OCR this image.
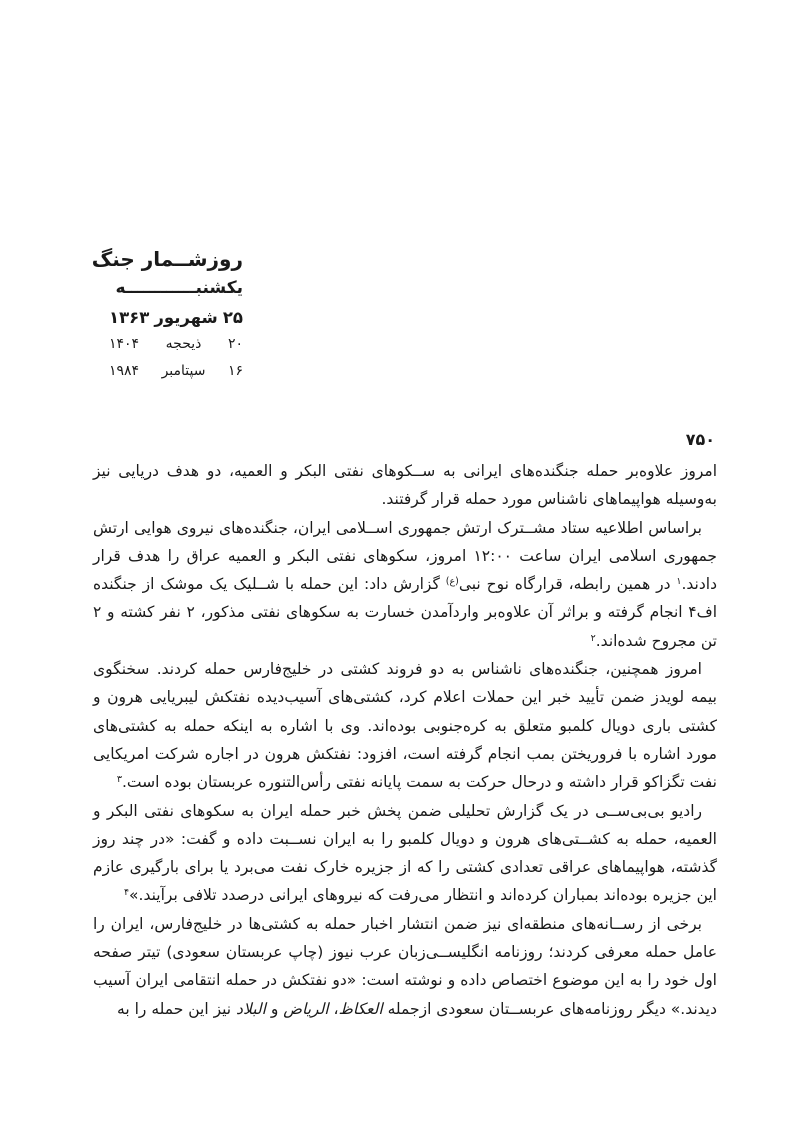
روزشــمار جنگ
یکشنبــــــــــــه
۲۵
شهریور
۱۳۶۳
۲۰
ذیحجه
۱۴۰۴
۱۶
سپتامبر
۱۹۸۴
۷۵۰

امروز علاوه‌بر حمله جنگنده‌های ایرانی به ســکوهای نفتی البکر و العمیه، دو هدف دریایی نیز به‌وسیله هواپیماهای ناشناس مورد حمله قرار گرفتند.

براساس اطلاعیه ستاد مشــترک ارتش جمهوری اســلامی ایران، جنگنده‌های نیروی هوایی ارتش جمهوری اسلامی ایران ساعت ۱۲:۰۰ امروز، سکوهای نفتی البکر و العمیه عراق را هدف قرار دادند.$^۱$ در همین رابطه، قرارگاه نوح نبی$^{(ع)}$ گزارش داد: این حمله با شــلیک یک موشک از جنگنده اف۴ انجام گرفته و براثر آن علاوه‌بر واردآمدن خسارت به سکوهای نفتی مذکور، ۲ نفر کشته و ۲ تن مجروح شده‌اند.$^۲$

امروز همچنین، جنگنده‌های ناشناس به دو فروند کشتی در خلیج‌فارس حمله کردند. سخنگوی بیمه لویدز ضمن تأیید خبر این حملات اعلام کرد، کشتی‌های آسیب‌دیده نفتکش لیبریایی هرون و کشتی باری دویال کلمبو متعلق به کره‌جنوبی بوده‌اند. وی با اشاره به اینکه حمله به کشتی‌های مورد اشاره با فروریختن بمب انجام گرفته است، افزود: نفتکش هرون در اجاره شرکت امریکایی نفت تگزاکو قرار داشته و درحال حرکت به سمت پایانه نفتی رأس‌التنوره عربستان بوده است.$^۳$

رادیو بی‌بی‌ســی در یک گزارش تحلیلی ضمن پخش خبر حمله ایران به سکوهای نفتی البکر و العمیه، حمله به کشــتی‌های هرون و دویال کلمبو را به ایران نســبت داده و گفت: «در چند روز گذشته، هواپیماهای عراقی تعدادی کشتی را که از جزیره خارک نفت می‌برد یا برای بارگیری عازم این جزیره بوده‌اند بمباران کرده‌اند و انتظار می‌رفت که نیروهای ایرانی درصدد تلافی برآیند.»$^۴$

برخی از رســانه‌های منطقه‌ای نیز ضمن انتشار اخبار حمله به کشتی‌ها در خلیج‌فارس، ایران را عامل حمله معرفی کردند؛ روزنامه انگلیســی‌زبان عرب نیوز (چاپ عربستان سعودی) تیتر صفحه اول خود را به این موضوع اختصاص داده و نوشته است: «دو نفتکش در حمله انتقامی ایران آسیب دیدند.» دیگر روزنامه‌های عربســتان سعودی ازجمله العکاظ، الریاض و البلاد نیز این حمله را به
